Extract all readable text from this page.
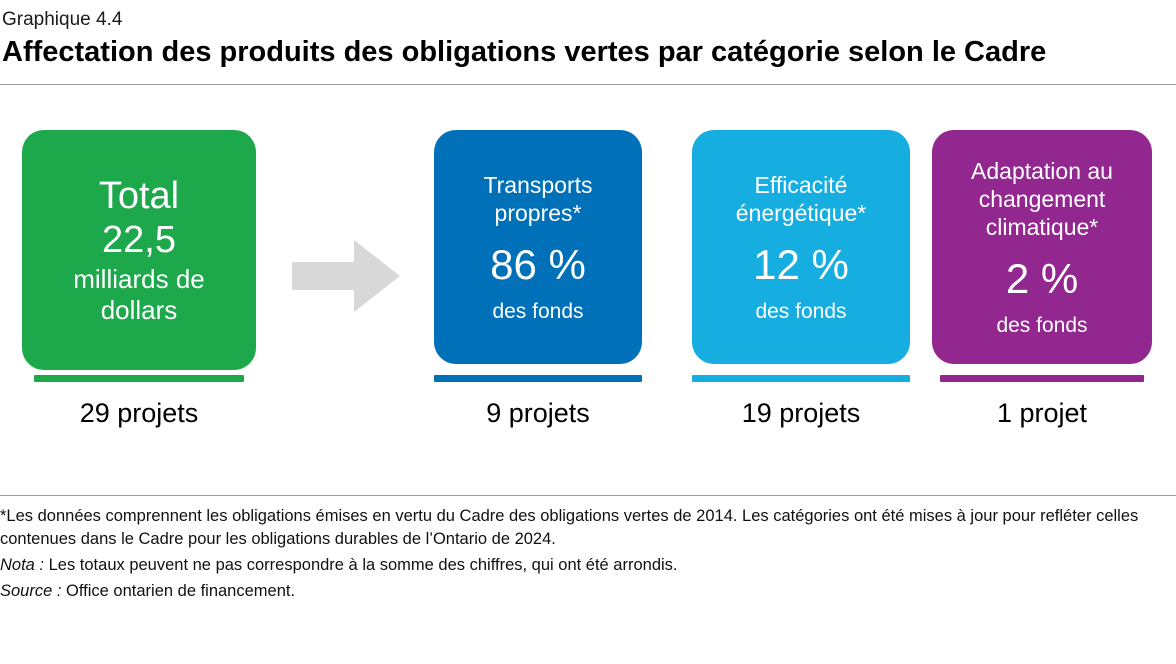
Graphique 4.4
Affectation des produits des obligations vertes par catégorie selon le Cadre
Total
22,5
milliards de dollars
Transports propres*
86 %
des fonds
Efficacité énergétique*
12 %
des fonds
Adaptation au changement climatique*
2 %
des fonds
29 projets	9 projets	19 projets	1 projet
*Les données comprennent les obligations émises en vertu du Cadre des obligations vertes de 2014. Les catégories ont été mises à jour pour refléter celles contenues dans le Cadre pour les obligations durables de l’Ontario de 2024.
Nota : Les totaux peuvent ne pas correspondre à la somme des chiffres, qui ont été arrondis.
Source : Office ontarien de financement.
